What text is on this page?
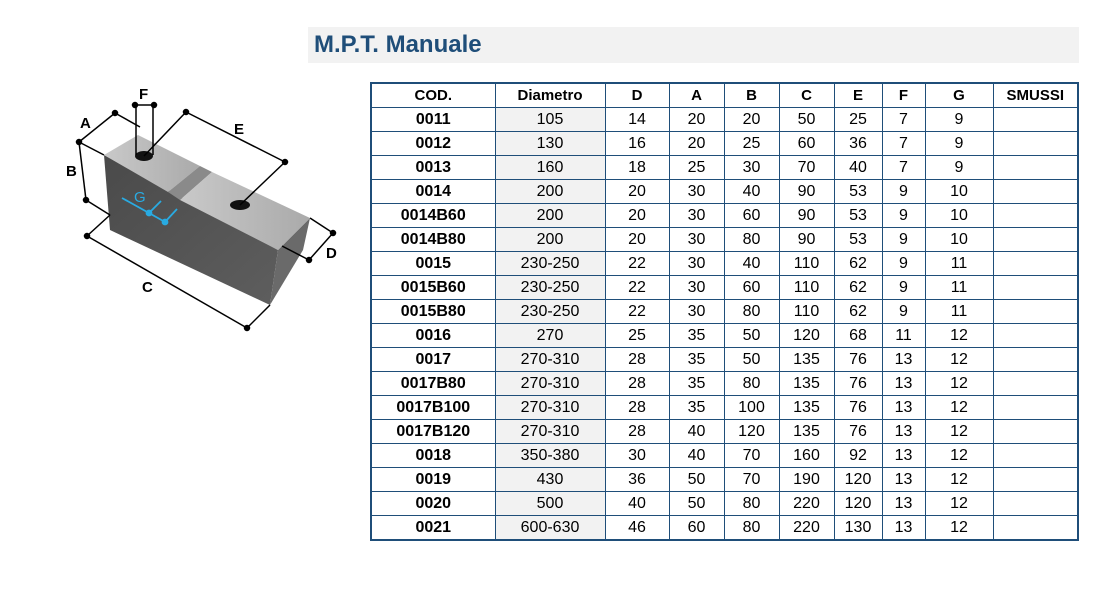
M.P.T. Manuale
A
B
C
D
E
F
G
COD.	Diametro	D	A	B	C	E	F	G	SMUSSI
0011	105	14	20	20	50	25	7	9	
0012	130	16	20	25	60	36	7	9	
0013	160	18	25	30	70	40	7	9	
0014	200	20	30	40	90	53	9	10	
0014B60	200	20	30	60	90	53	9	10	
0014B80	200	20	30	80	90	53	9	10	
0015	230-250	22	30	40	110	62	9	11	
0015B60	230-250	22	30	60	110	62	9	11	
0015B80	230-250	22	30	80	110	62	9	11	
0016	270	25	35	50	120	68	11	12	
0017	270-310	28	35	50	135	76	13	12	
0017B80	270-310	28	35	80	135	76	13	12	
0017B100	270-310	28	35	100	135	76	13	12	
0017B120	270-310	28	40	120	135	76	13	12	
0018	350-380	30	40	70	160	92	13	12	
0019	430	36	50	70	190	120	13	12	
0020	500	40	50	80	220	120	13	12	
0021	600-630	46	60	80	220	130	13	12	
